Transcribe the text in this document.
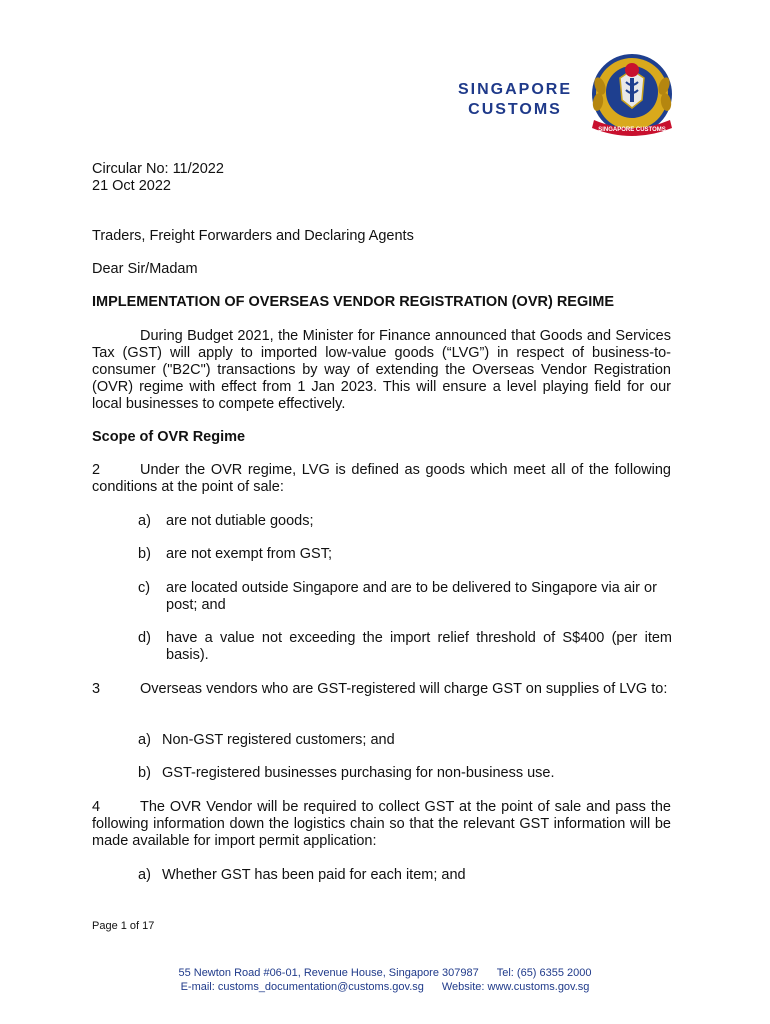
SINGAPORE
CUSTOMS
SINGAPORE CUSTOMS
Circular No: 11/2022
21 Oct 2022
Traders, Freight Forwarders and Declaring Agents
Dear Sir/Madam
IMPLEMENTATION OF OVERSEAS VENDOR REGISTRATION (OVR) REGIME
During Budget 2021, the Minister for Finance announced that Goods and Services Tax (GST) will apply to imported low-value goods (“LVG”) in respect of business-to-consumer ("B2C") transactions by way of extending the Overseas Vendor Registration (OVR) regime with effect from 1 Jan 2023. This will ensure a level playing field for our local businesses to compete effectively.
Scope of OVR Regime
2	Under the OVR regime, LVG is defined as goods which meet all of the following conditions at the point of sale:
a) are not dutiable goods;
b) are not exempt from GST;
c) are located outside Singapore and are to be delivered to Singapore via air or post; and
d) have a value not exceeding the import relief threshold of S$400 (per item basis).
3	Overseas vendors who are GST-registered will charge GST on supplies of LVG to:
a) Non-GST registered customers; and
b) GST-registered businesses purchasing for non-business use.
4	The OVR Vendor will be required to collect GST at the point of sale and pass the following information down the logistics chain so that the relevant GST information will be made available for import permit application:
a) Whether GST has been paid for each item; and
Page 1 of 17
55 Newton Road #06-01, Revenue House, Singapore 307987 Tel: (65) 6355 2000
E-mail: customs_documentation@customs.gov.sg Website: www.customs.gov.sg
